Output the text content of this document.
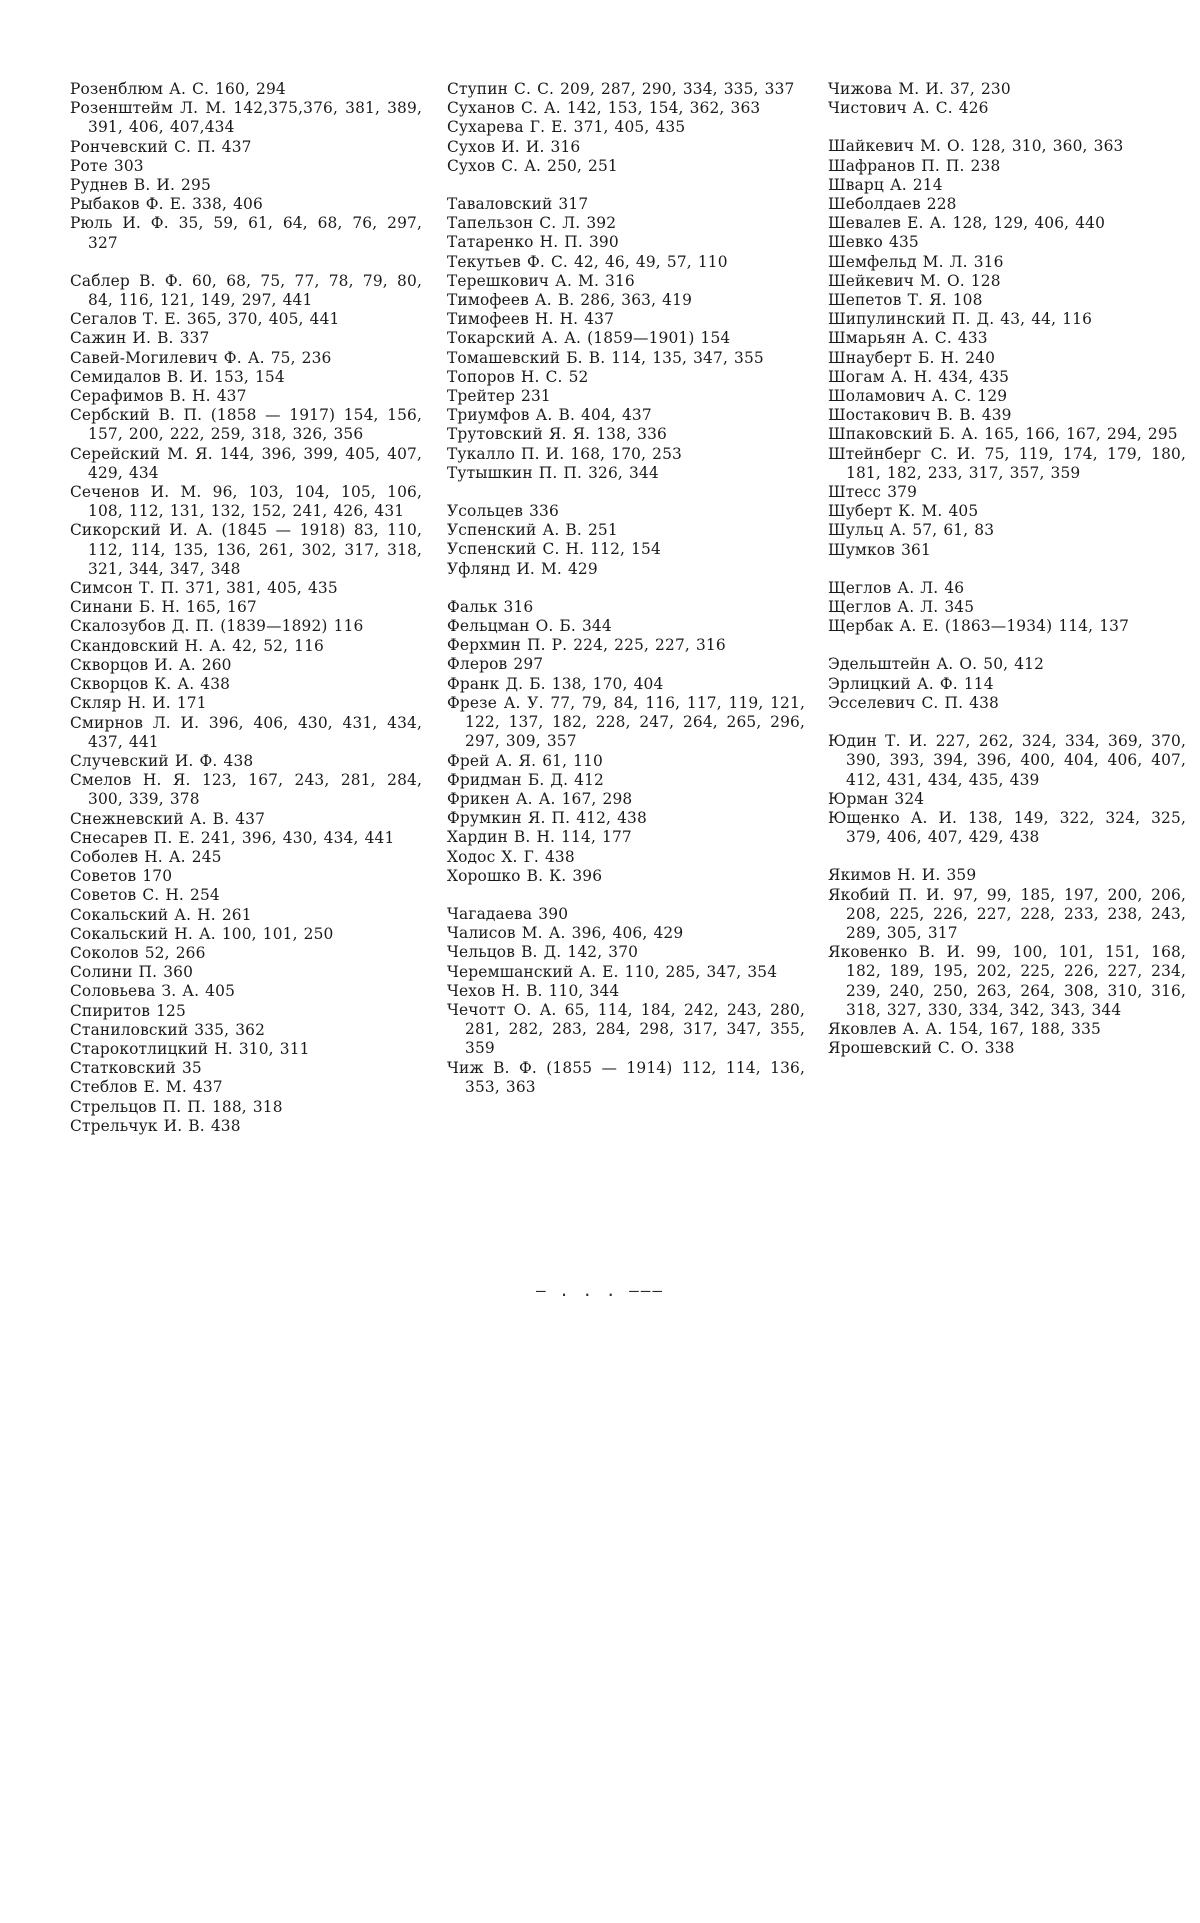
Розенблюм А. С. 160, 294
Розенштейм Л. М. 142,375,376, 381, 389, 391, 406, 407,434
Рончевский С. П. 437
Роте 303
Руднев В. И. 295
Рыбаков Ф. Е. 338, 406
Рюль И. Ф. 35, 59, 61, 64, 68, 76, 297, 327
Саблер В. Ф. 60, 68, 75, 77, 78, 79, 80, 84, 116, 121, 149, 297, 441
Сегалов Т. Е. 365, 370, 405, 441
Сажин И. В. 337
Савей-Могилевич Ф. А. 75, 236
Семидалов В. И. 153, 154
Серафимов В. Н. 437
Сербский В. П. (1858 — 1917) 154, 156, 157, 200, 222, 259, 318, 326, 356
Серейский М. Я. 144, 396, 399, 405, 407, 429, 434
Сеченов И. М. 96, 103, 104, 105, 106, 108, 112, 131, 132, 152, 241, 426, 431
Сикорский И. А. (1845 — 1918) 83, 110, 112, 114, 135, 136, 261, 302, 317, 318, 321, 344, 347, 348
Симсон Т. П. 371, 381, 405, 435
Синани Б. Н. 165, 167
Скалозубов Д. П. (1839—1892) 116
Скандовский Н. А. 42, 52, 116
Скворцов И. А. 260
Скворцов К. А. 438
Скляр Н. И. 171
Смирнов Л. И. 396, 406, 430, 431, 434, 437, 441
Случевский И. Ф. 438
Смелов Н. Я. 123, 167, 243, 281, 284, 300, 339, 378
Снежневский А. В. 437
Снесарев П. Е. 241, 396, 430, 434, 441
Соболев Н. А. 245
Советов 170
Советов С. Н. 254
Сокальский А. Н. 261
Сокальский Н. А. 100, 101, 250
Соколов 52, 266
Солини П. 360
Соловьева З. А. 405
Спиритов 125
Станиловский 335, 362
Старокотлицкий Н. 310, 311
Статковский 35
Стеблов Е. М. 437
Стрельцов П. П. 188, 318
Стрельчук И. В. 438
Ступин С. С. 209, 287, 290, 334, 335, 337
Суханов С. А. 142, 153, 154, 362, 363
Сухарева Г. Е. 371, 405, 435
Сухов И. И. 316
Сухов С. А. 250, 251
Таваловский 317
Тапельзон С. Л. 392
Татаренко Н. П. 390
Текутьев Ф. С. 42, 46, 49, 57, 110
Терешкович А. М. 316
Тимофеев А. В. 286, 363, 419
Тимофеев Н. Н. 437
Токарский А. А. (1859—1901) 154
Томашевский Б. В. 114, 135, 347, 355
Топоров Н. С. 52
Трейтер 231
Триумфов А. В. 404, 437
Трутовский Я. Я. 138, 336
Тукалло П. И. 168, 170, 253
Тутышкин П. П. 326, 344
Усольцев 336
Успенский А. В. 251
Успенский С. Н. 112, 154
Уфлянд И. М. 429
Фальк 316
Фельцман О. Б. 344
Ферхмин П. Р. 224, 225, 227, 316
Флеров 297
Франк Д. Б. 138, 170, 404
Фрезе А. У. 77, 79, 84, 116, 117, 119, 121, 122, 137, 182, 228, 247, 264, 265, 296, 297, 309, 357
Фрей А. Я. 61, 110
Фридман Б. Д. 412
Фрикен А. А. 167, 298
Фрумкин Я. П. 412, 438
Хардин В. Н. 114, 177
Ходос Х. Г. 438
Хорошко В. К. 396
Чагадаева 390
Чалисов М. А. 396, 406, 429
Чельцов В. Д. 142, 370
Черемшанский А. Е. 110, 285, 347, 354
Чехов Н. В. 110, 344
Чечотт О. А. 65, 114, 184, 242, 243, 280, 281, 282, 283, 284, 298, 317, 347, 355, 359
Чиж В. Ф. (1855 — 1914) 112, 114, 136, 353, 363
Чижова М. И. 37, 230
Чистович А. С. 426
Шайкевич М. О. 128, 310, 360, 363
Шафранов П. П. 238
Шварц А. 214
Шеболдаев 228
Шевалев Е. А. 128, 129, 406, 440
Шевко 435
Шемфельд М. Л. 316
Шейкевич М. О. 128
Шепетов Т. Я. 108
Шипулинский П. Д. 43, 44, 116
Шмарьян А. С. 433
Шнауберт Б. Н. 240
Шогам А. Н. 434, 435
Шоламович А. С. 129
Шостакович В. В. 439
Шпаковский Б. А. 165, 166, 167, 294, 295
Штейнберг С. И. 75, 119, 174, 179, 180, 181, 182, 233, 317, 357, 359
Штесс 379
Шуберт К. М. 405
Шульц А. 57, 61, 83
Шумков 361
Щеглов А. Л. 46
Щеглов А. Л. 345
Щербак А. Е. (1863—1934) 114, 137
Эдельштейн А. О. 50, 412
Эрлицкий А. Ф. 114
Эсселевич С. П. 438
Юдин Т. И. 227, 262, 324, 334, 369, 370, 390, 393, 394, 396, 400, 404, 406, 407, 412, 431, 434, 435, 439
Юрман 324
Ющенко А. И. 138, 149, 322, 324, 325, 379, 406, 407, 429, 438
Якимов Н. И. 359
Якобий П. И. 97, 99, 185, 197, 200, 206, 208, 225, 226, 227, 228, 233, 238, 243, 289, 305, 317
Яковенко В. И. 99, 100, 101, 151, 168, 182, 189, 195, 202, 225, 226, 227, 234, 239, 240, 250, 263, 264, 308, 310, 316, 318, 327, 330, 334, 342, 343, 344
Яковлев А. А. 154, 167, 188, 335
Ярошевский С. О. 338
— . . . ———
